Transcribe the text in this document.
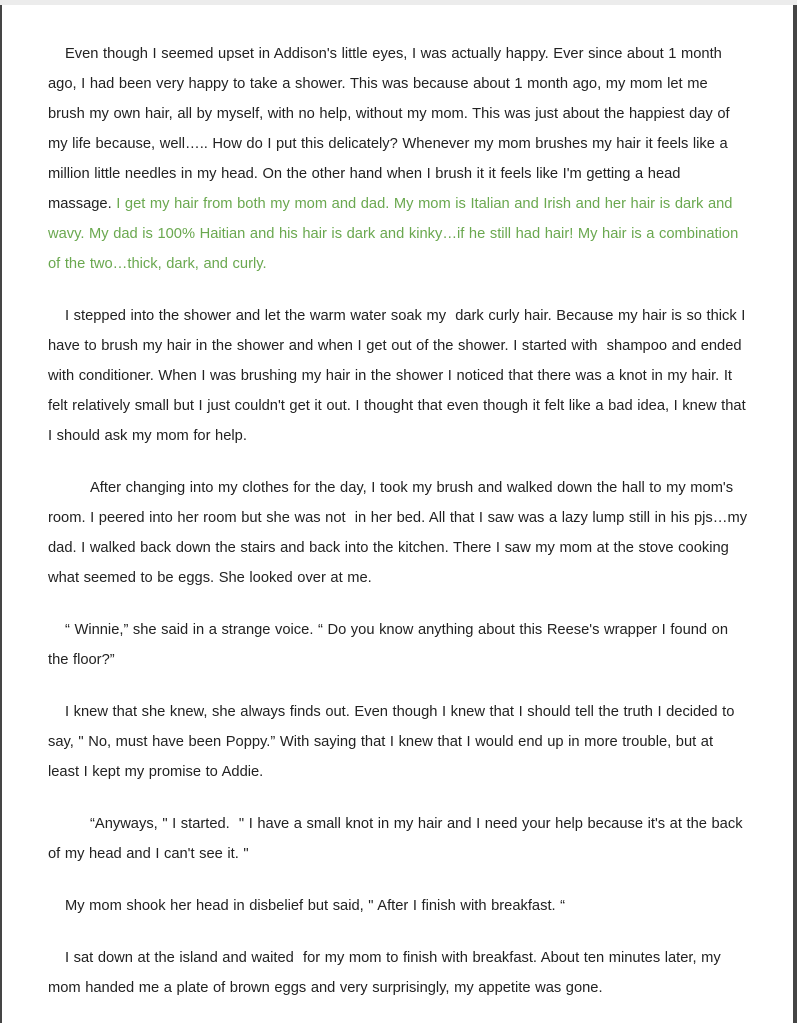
Even though I seemed upset in Addison's little eyes, I was actually happy. Ever since about 1 month ago, I had been very happy to take a shower. This was because about 1 month ago, my mom let me brush my own hair, all by myself, with no help, without my mom. This was just about the happiest day of my life because, well….. How do I put this delicately? Whenever my mom brushes my hair it feels like a million little needles in my head. On the other hand when I brush it it feels like I'm getting a head massage. I get my hair from both my mom and dad. My mom is Italian and Irish and her hair is dark and wavy. My dad is 100% Haitian and his hair is dark and kinky…if he still had hair! My hair is a combination of the two…thick, dark, and curly.

I stepped into the shower and let the warm water soak my  dark curly hair. Because my hair is so thick I have to brush my hair in the shower and when I get out of the shower. I started with  shampoo and ended with conditioner. When I was brushing my hair in the shower I noticed that there was a knot in my hair. It felt relatively small but I just couldn't get it out. I thought that even though it felt like a bad idea, I knew that I should ask my mom for help.

After changing into my clothes for the day, I took my brush and walked down the hall to my mom's room. I peered into her room but she was not  in her bed. All that I saw was a lazy lump still in his pjs…my dad. I walked back down the stairs and back into the kitchen. There I saw my mom at the stove cooking what seemed to be eggs. She looked over at me.

“ Winnie,” she said in a strange voice. “ Do you know anything about this Reese's wrapper I found on the floor?”

I knew that she knew, she always finds out. Even though I knew that I should tell the truth I decided to say, " No, must have been Poppy.” With saying that I knew that I would end up in more trouble, but at least I kept my promise to Addie.

“Anyways, " I started.  " I have a small knot in my hair and I need your help because it's at the back of my head and I can't see it. "

My mom shook her head in disbelief but said, " After I finish with breakfast. “

I sat down at the island and waited  for my mom to finish with breakfast. About ten minutes later, my mom handed me a plate of brown eggs and very surprisingly, my appetite was gone.
